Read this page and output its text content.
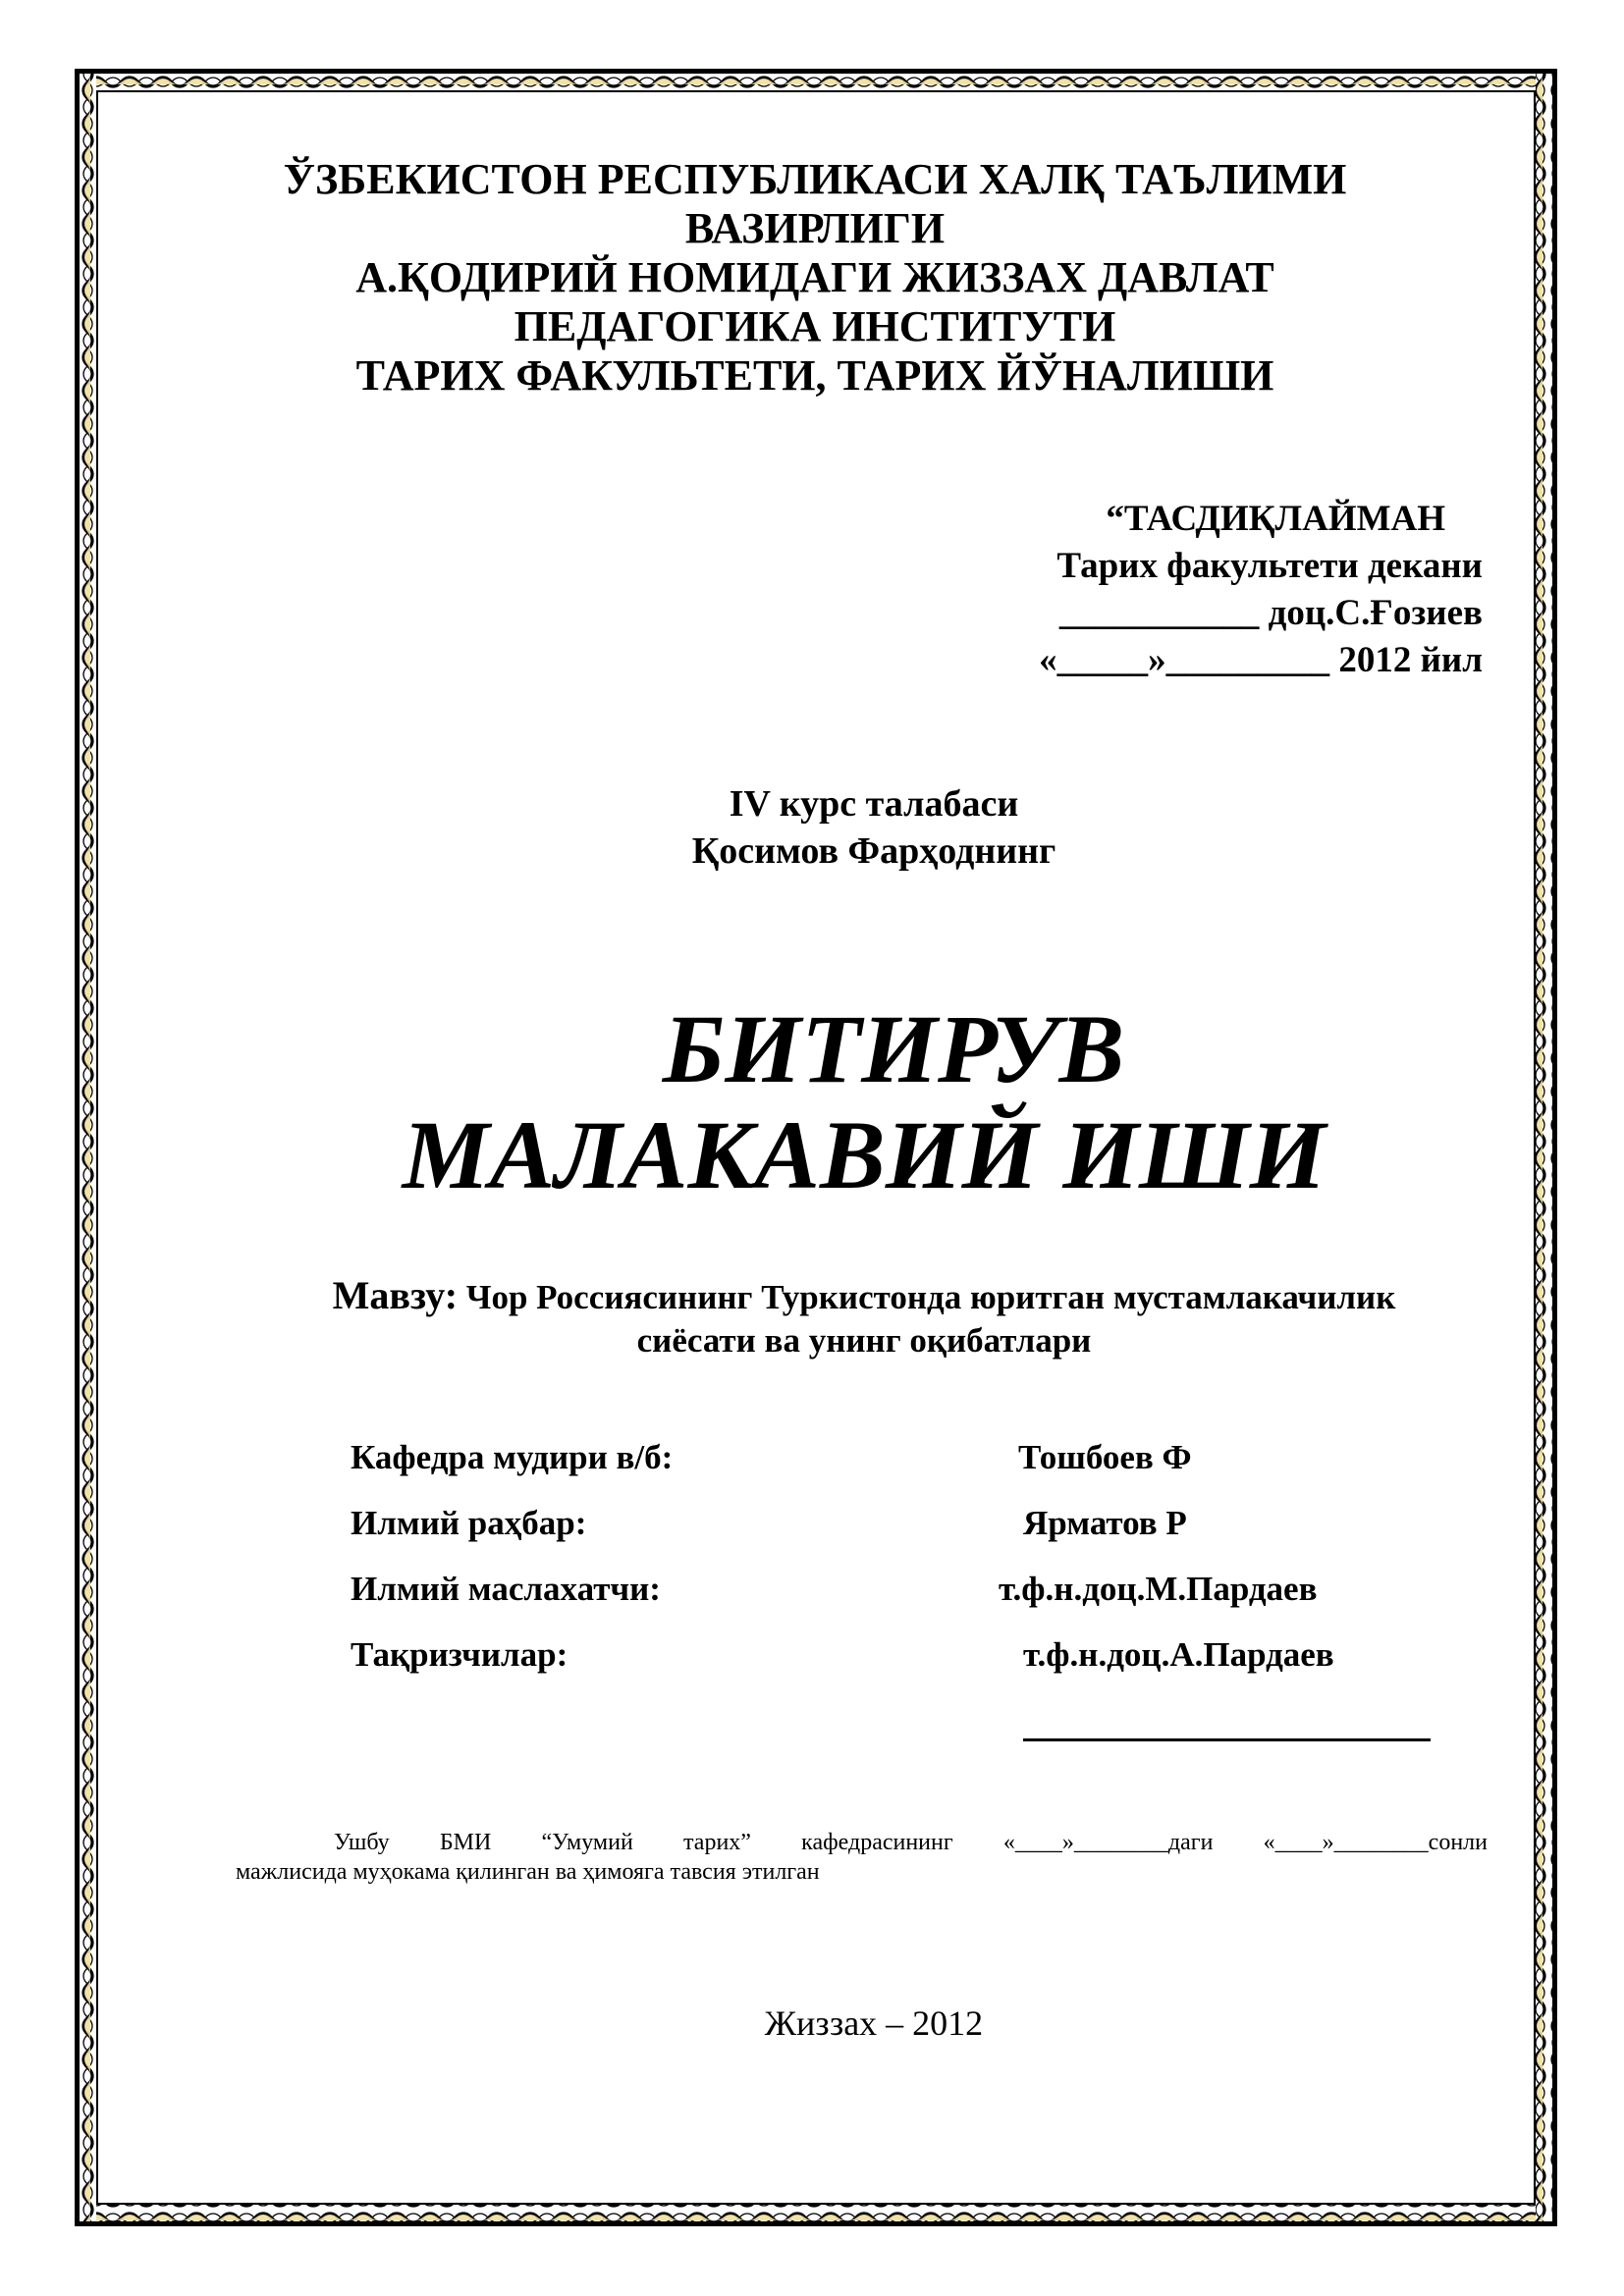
ЎЗБЕКИСТОН РЕСПУБЛИКАСИ ХАЛҚ ТАЪЛИМИ
ВАЗИРЛИГИ
А.ҚОДИРИЙ НОМИДАГИ ЖИЗЗАХ ДАВЛАТ
ПЕДАГОГИКА ИНСТИТУТИ
ТАРИХ ФАКУЛЬТЕТИ, ТАРИХ ЙЎНАЛИШИ
“ТАСДИҚЛАЙМАН
Тарих факультети декани
___________ доц.С.Ғозиев
«_____»_________ 2012 йил
IV курс талабаси
Қосимов Фарҳоднинг
БИТИРУВ
МАЛАКАВИЙ ИШИ
Мавзу: Чор Россиясининг Туркистонда юритган мустамлакачилик
сиёсати ва унинг оқибатлари
Кафедра мудири в/б:	Тошбоев Ф
Илмий раҳбар:	Ярматов Р
Илмий маслахатчи:	т.ф.н.доц.М.Пардаев
Тақризчилар:	т.ф.н.доц.А.Пардаев
Ушбу БМИ “Умумий тарих” кафедрасининг «____»________даги «____»________сонли
мажлисида муҳокама қилинган ва ҳимояга тавсия этилган
Жиззах – 2012
